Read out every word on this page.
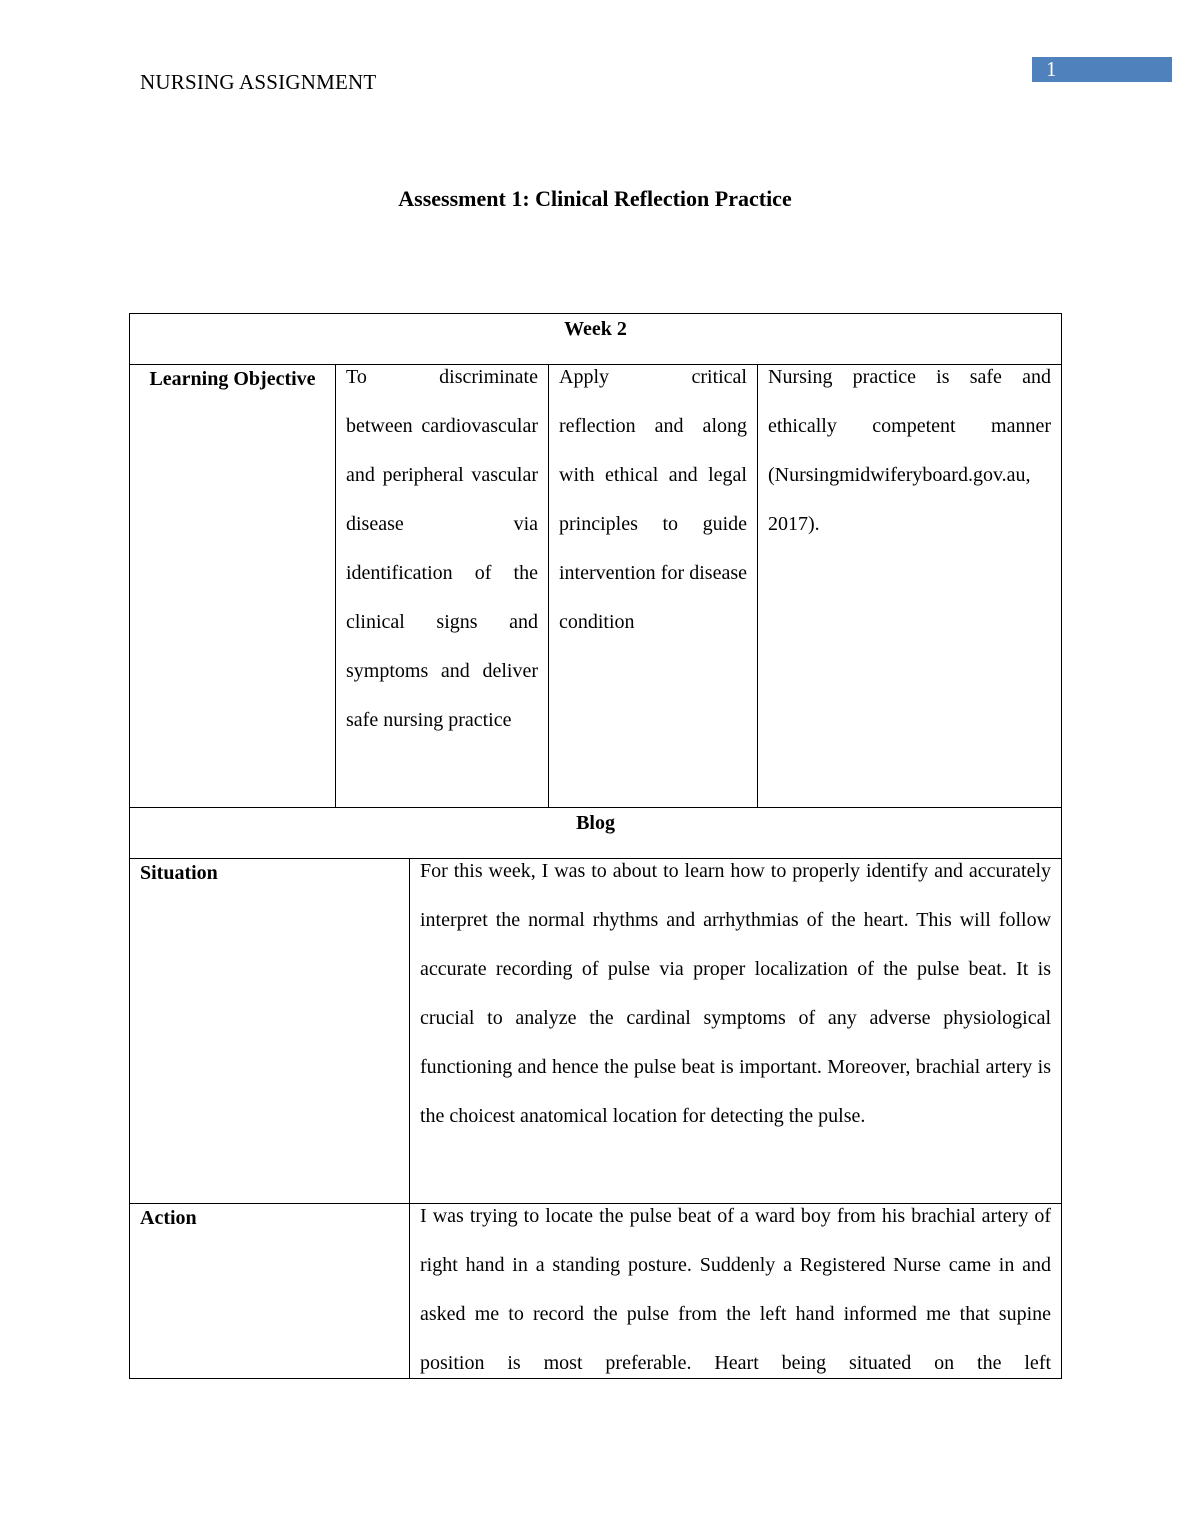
NURSING ASSIGNMENT
1
Assessment 1: Clinical Reflection Practice
Week 2				
Learning Objective	To discriminate between cardiovascular and peripheral vascular disease via identification of the clinical signs and symptoms and deliver safe nursing practice		Apply critical reflection and along with ethical and legal principles to guide intervention for disease condition	Nursing practice is safe and ethically competent manner (Nursingmidwiferyboard.gov.au, 2017).

Blog				
Situation		For this week, I was to about to learn how to properly identify and accurately interpret the normal rhythms and arrhythmias of the heart. This will follow accurate recording of pulse via proper localization of the pulse beat. It is crucial to analyze the cardinal symptoms of any adverse physiological functioning and hence the pulse beat is important. Moreover, brachial artery is the choicest anatomical location for detecting the pulse.		

Action		I was trying to locate the pulse beat of a ward boy from his brachial artery of right hand in a standing posture. Suddenly a Registered Nurse came in and asked me to record the pulse from the left hand informed me that supine position is most preferable. Heart being situated on the left		
